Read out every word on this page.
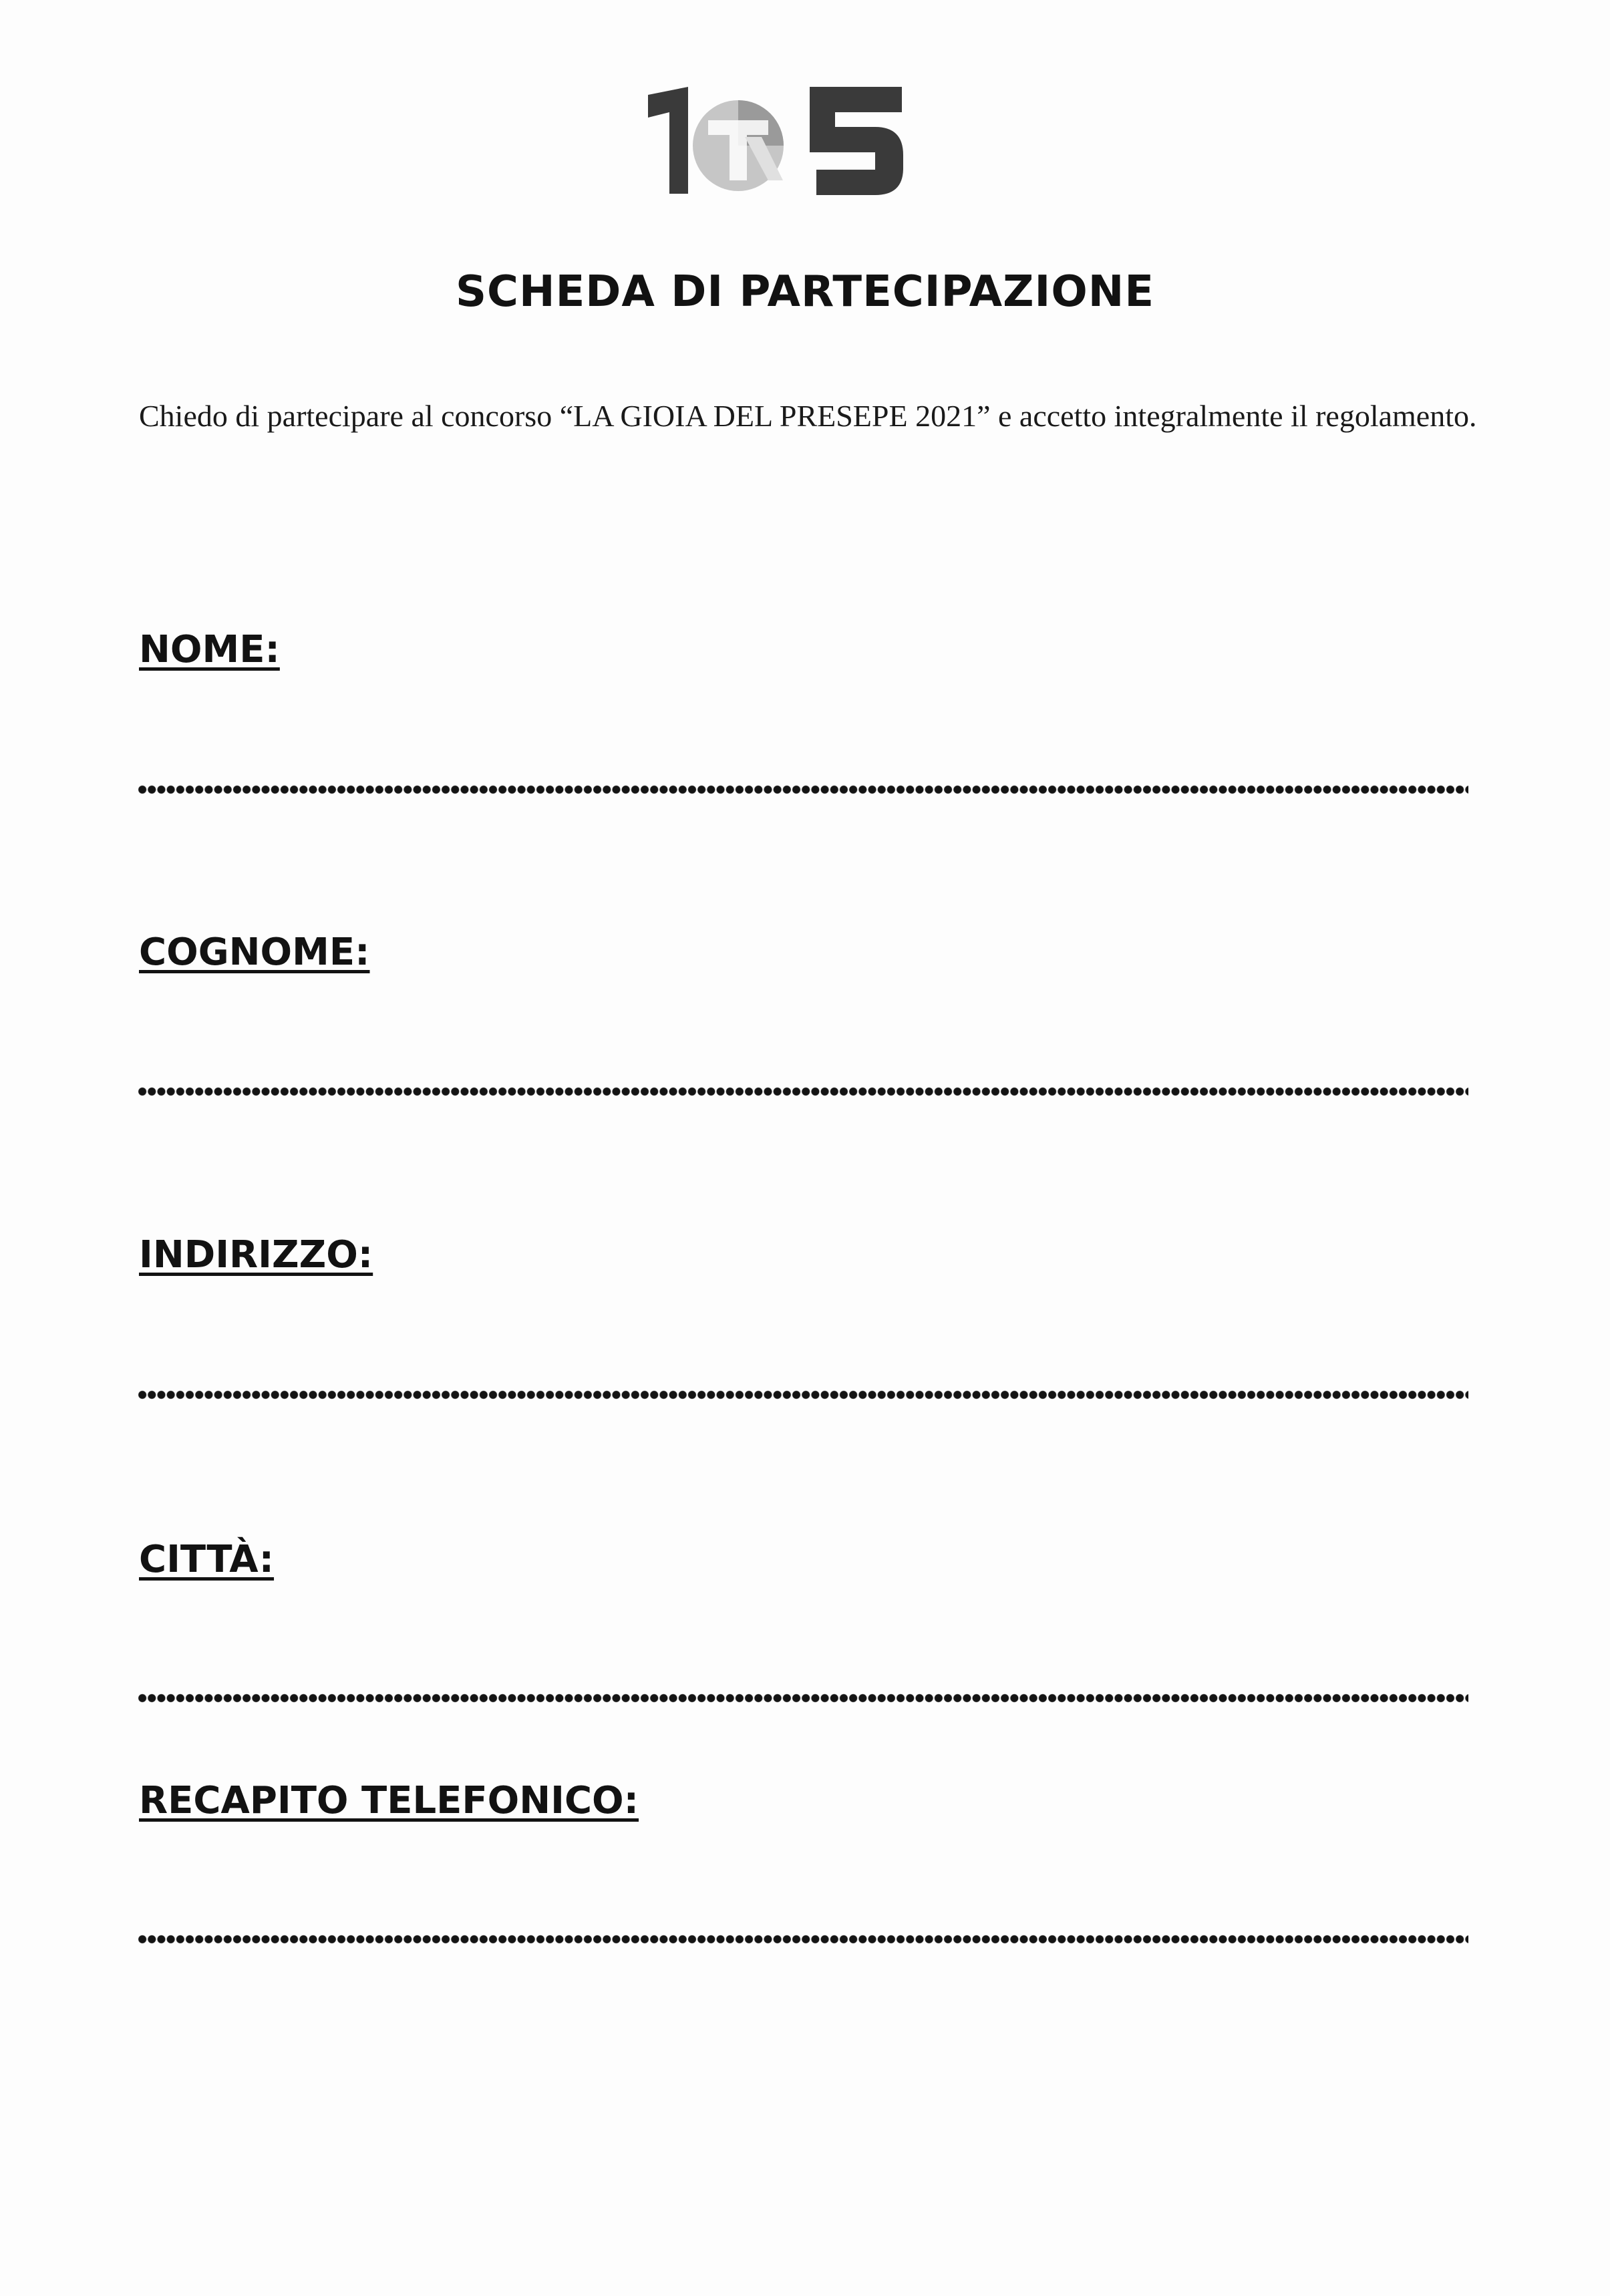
SCHEDA DI PARTECIPAZIONE
Chiedo di partecipare al concorso “LA GIOIA DEL PRESEPE 2021” e accetto integralmente il regolamento.
NOME:
COGNOME:
INDIRIZZO:
CITTÀ:
RECAPITO TELEFONICO:
